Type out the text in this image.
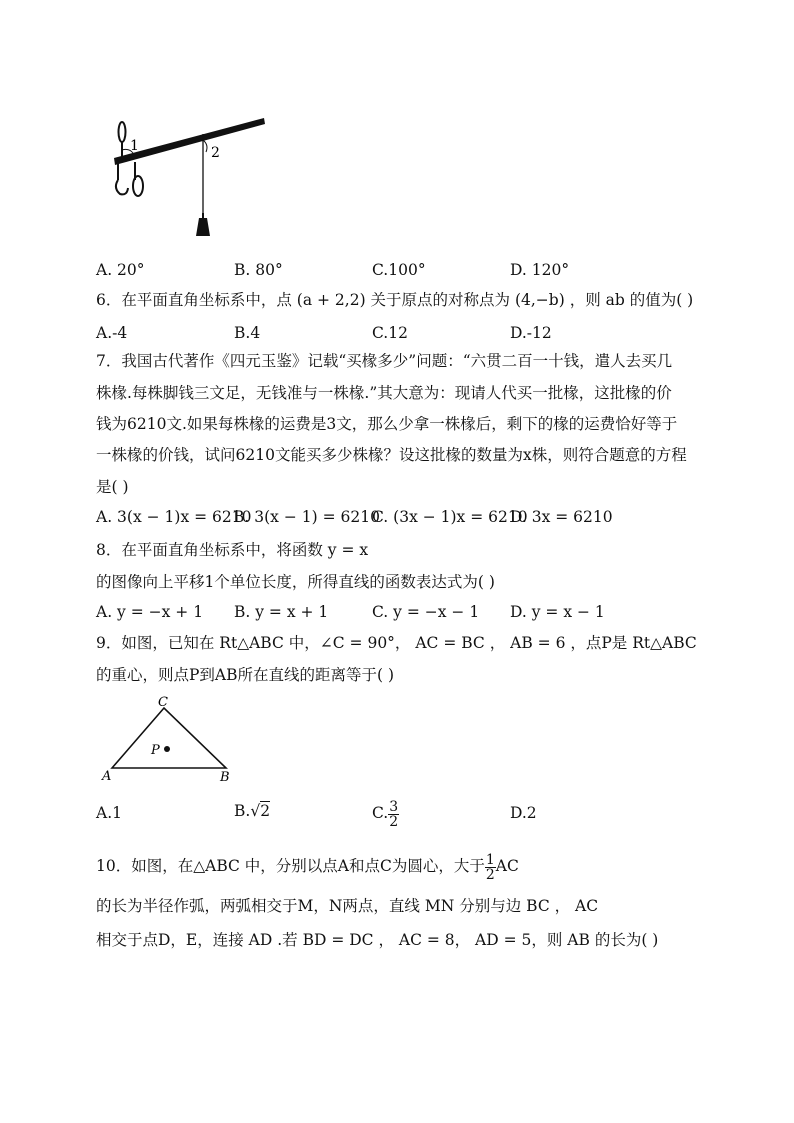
1	2
A. 20°	B. 80°	C.100°	D. 120°
6．在平面直角坐标系中，点 (a + 2,2) 关于原点的对称点为 (4,−b) ，则 ab 的值为( )
A.-4	B.4	C.12	D.-12
7．我国古代著作《四元玉鉴》记载“买椽多少”问题：“六贯二百一十钱，遣人去买几
株椽.每株脚钱三文足，无钱准与一株椽.”其大意为：现请人代买一批椽，这批椽的价
钱为6210文.如果每株椽的运费是3文，那么少拿一株椽后，剩下的椽的运费恰好等于
一株椽的价钱，试问6210文能买多少株椽？设这批椽的数量为x株，则符合题意的方程
是( )
A. 3(x − 1)x = 6210
B. 3(x − 1) = 6210
C. (3x − 1)x = 6210
D. 3x = 6210
8．在平面直角坐标系中，将函数 y = x
的图像向上平移1个单位长度，所得直线的函数表达式为( )
A. y = −x + 1 B. y = x + 1	C. y = −x − 1 D. y = x − 1
9．如图，已知在 Rt△ABC 中，∠C = 90°， AC = BC ， AB = 6 ，点P是 Rt△ABC
的重心，则点P到AB所在直线的距离等于( )
C
A	B
P
A.1	B.√2	C. $\frac{3}{2}$	D.2
10．如图，在△ABC 中，分别以点A和点C为圆心，大于 $\frac{1}{2}$ AC
的长为半径作弧，两弧相交于M，N两点，直线 MN 分别与边 BC ， AC
相交于点D，E，连接 AD .若 BD = DC ， AC = 8， AD = 5，则 AB 的长为( )
